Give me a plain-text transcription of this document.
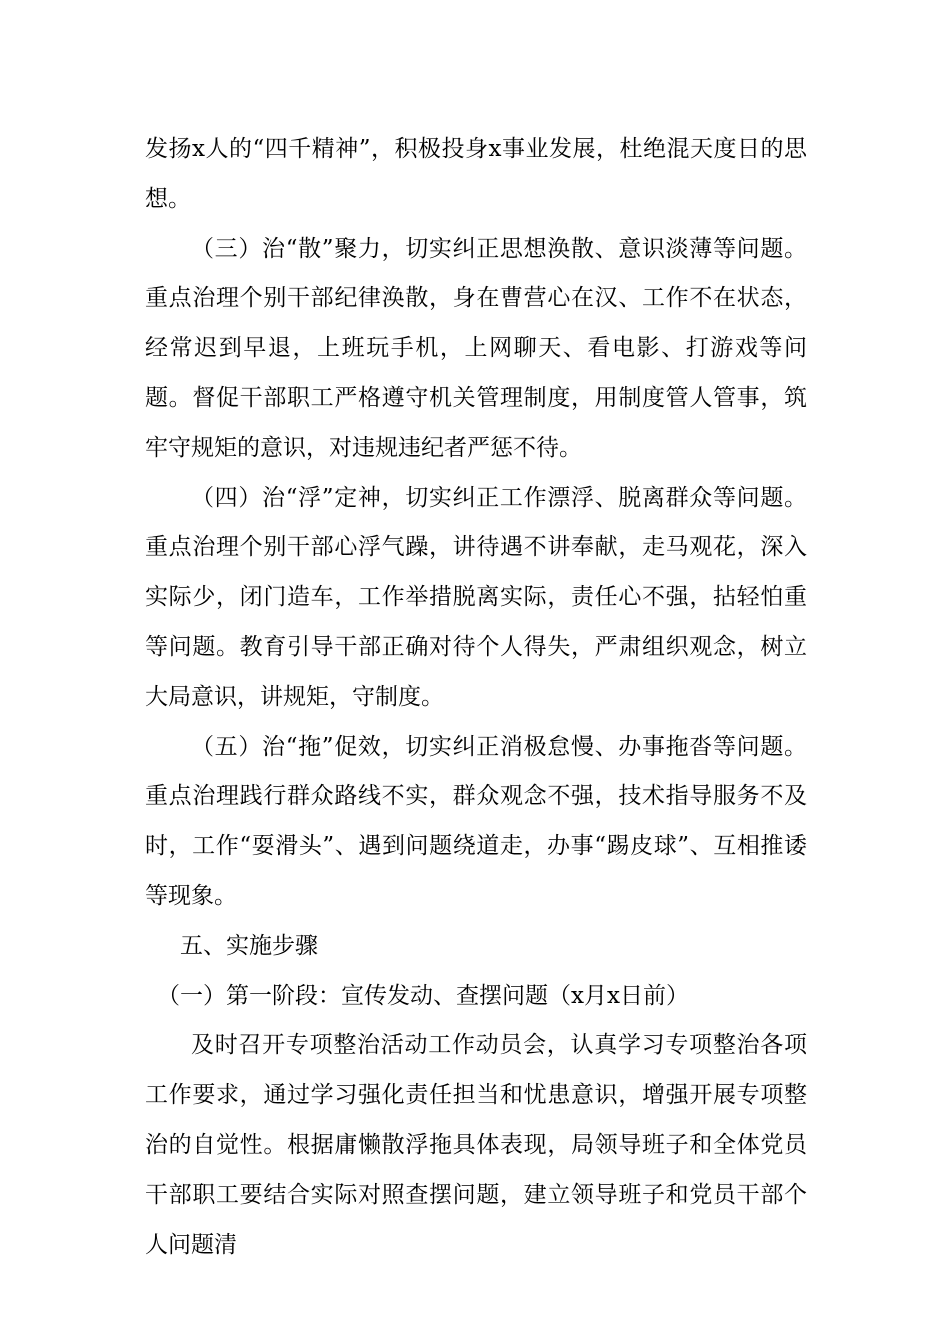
发扬x人的“四千精神”，积极投身x事业发展，杜绝混天度日的思想。

（三）治“散”聚力，切实纠正思想涣散、意识淡薄等问题。重点治理个别干部纪律涣散，身在曹营心在汉、工作不在状态，经常迟到早退，上班玩手机，上网聊天、看电影、打游戏等问题。督促干部职工严格遵守机关管理制度，用制度管人管事，筑牢守规矩的意识，对违规违纪者严惩不待。

（四）治“浮”定神，切实纠正工作漂浮、脱离群众等问题。重点治理个别干部心浮气躁，讲待遇不讲奉献，走马观花，深入实际少，闭门造车，工作举措脱离实际，责任心不强，拈轻怕重等问题。教育引导干部正确对待个人得失，严肃组织观念，树立大局意识，讲规矩，守制度。

（五）治“拖”促效，切实纠正消极怠慢、办事拖沓等问题。重点治理践行群众路线不实，群众观念不强，技术指导服务不及时，工作“耍滑头”、遇到问题绕道走，办事“踢皮球”、互相推诿等现象。

五、实施步骤

（一）第一阶段：宣传发动、查摆问题（x月x日前）

及时召开专项整治活动工作动员会，认真学习专项整治各项工作要求，通过学习强化责任担当和忧患意识，增强开展专项整治的自觉性。根据庸懒散浮拖具体表现，局领导班子和全体党员干部职工要结合实际对照查摆问题，建立领导班子和党员干部个人问题清
